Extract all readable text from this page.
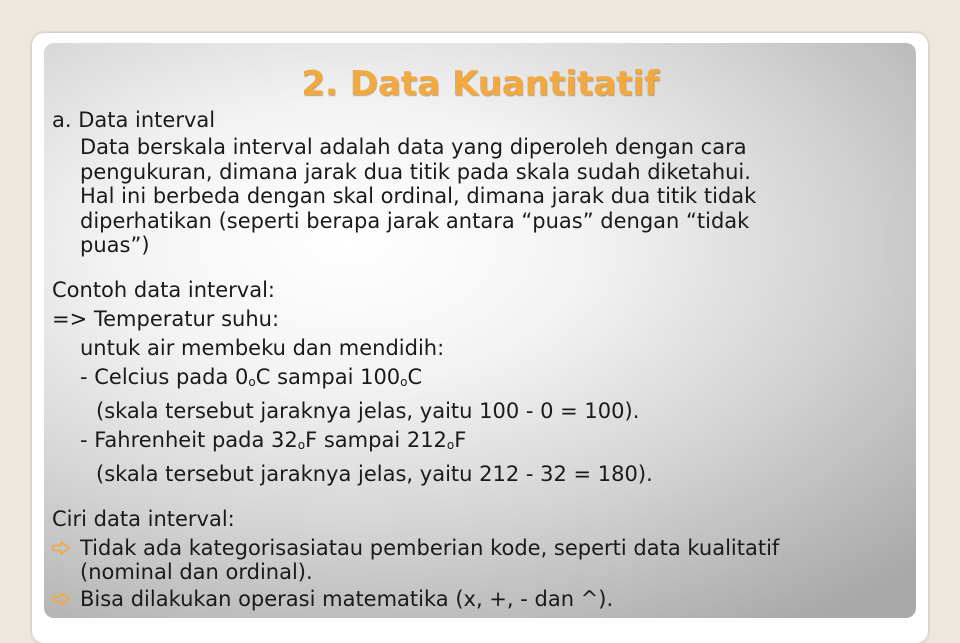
2. Data Kuantitatif
a. Data interval
Data berskala interval adalah data yang diperoleh dengan cara
pengukuran, dimana jarak dua titik pada skala sudah diketahui.
Hal ini berbeda dengan skal ordinal, dimana jarak dua titik tidak
diperhatikan (seperti berapa jarak antara “puas” dengan “tidak
puas”)
Contoh data interval:
=> Temperatur suhu:
untuk air membeku dan mendidih:
- Celcius pada $0_oC$ sampai $100_oC$
(skala tersebut jaraknya jelas, yaitu 100 - 0 = 100).
- Fahrenheit pada $32_oF$ sampai $212_oF$
(skala tersebut jaraknya jelas, yaitu 212 - 32 = 180).
Ciri data interval:
Tidak ada kategorisasiatau pemberian kode, seperti data kualitatif
(nominal dan ordinal).
Bisa dilakukan operasi matematika (x, +, - dan ^).
